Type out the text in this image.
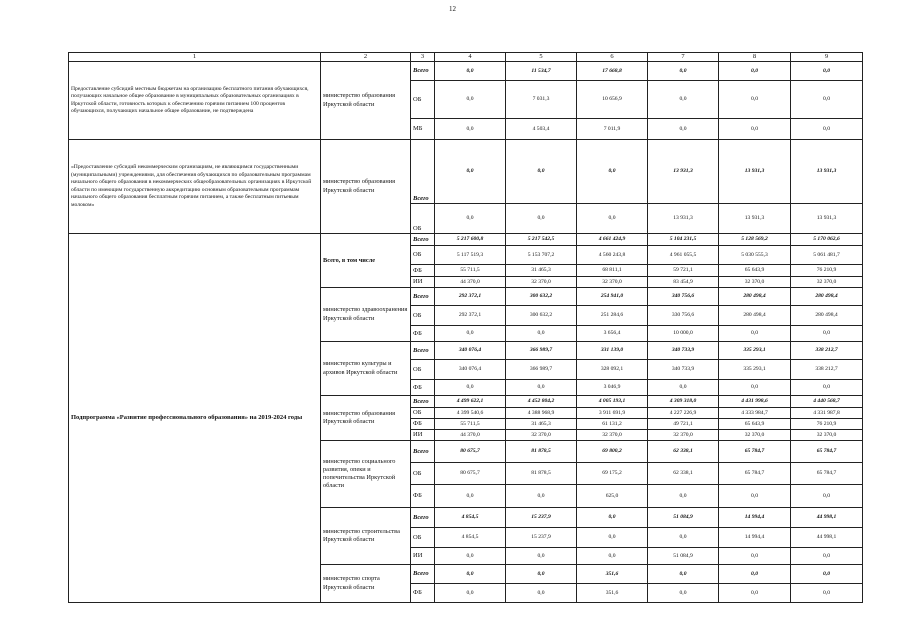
12
1	2	3	4	5	6	7	8	9
Предоставление субсидий местным бюджетам на организацию бесплатного питания обучающихся, получающих начальное общее образование в муниципальных образовательных организациях в Иркутской области, готовность которых к обеспечению горячим питанием 100 процентов обучающихся, получающих начальное общее образование, не подтверждена	министерство образования Иркутской области	Всего	0,0	11 534,7	17 668,8	0,0	0,0	0,0
		ОБ	0,0	7 031,3	10 656,9	0,0	0,0	0,0
		МБ	0,0	4 503,4	7 011,9	0,0	0,0	0,0
«Предоставление субсидий некоммерческим организациям, не являющимся государственными (муниципальными) учреждениями, для обеспечения обучающихся по образовательным программам начального общего образования в некоммерческих общеобразовательных организациях в Иркутской области по имеющим государственную аккредитацию основным образовательным программам начального общего образования бесплатным горячим питанием, а также бесплатным питьевым молоком»	министерство образования Иркутской области	Всего	0,0	0,0	0,0	13 931,3	13 931,3	13 931,3
		ОБ	0,0	0,0	0,0	13 931,3	13 931,3	13 931,3
Подпрограмма «Развитие профессионального образования» на 2019-2024 годы	Всего, в том числе	Всего	5 217 600,8	5 217 542,5	4 661 424,9	5 104 231,5	5 128 569,2	5 170 062,6
		ОБ	5 117 519,3	5 153 707,2	4 560 243,8	4 961 055,5	5 030 555,3	5 061 481,7
		ФБ	55 711,5	31 465,3	68 811,1	59 721,1	65 643,9	76 210,9
		ИИ	44 370,0	32 370,0	32 370,0	83 454,9	32 370,0	32 370,0
	министерство здравоохранения Иркутской области	Всего	292 372,1	300 632,2	254 941,0	340 756,6	280 498,4	280 498,4
		ОБ	292 372,1	300 632,2	251 284,6	330 756,6	280 498,4	280 498,4
		ФБ	0,0	0,0	3 656,4	10 000,0	0,0	0,0
	министерство культуры и архивов Иркутской области	Всего	340 076,4	366 989,7	331 139,0	340 733,9	335 293,1	338 212,7
		ОБ	340 076,4	366 989,7	328 092,1	340 733,9	335 293,1	338 212,7
		ФБ	0,0	0,0	3 046,9	0,0	0,0	0,0
	министерство образования Иркутской области	Всего	4 499 622,1	4 452 804,2	4 005 193,1	4 309 318,0	4 431 998,6	4 440 568,7
		ОБ	4 399 540,6	4 388 968,9	3 911 691,9	4 227 226,9	4 333 984,7	4 331 987,8
		ФБ	55 711,5	31 465,3	61 131,2	49 721,1	65 643,9	76 210,9
		ИИ	44 370,0	32 370,0	32 370,0	32 370,0	32 370,0	32 370,0
	министерство социального развития, опеки и попечительства Иркутской области	Всего	80 675,7	81 878,5	69 800,2	62 338,1	65 784,7	65 784,7
		ОБ	80 675,7	81 878,5	69 175,2	62 338,1	65 784,7	65 784,7
		ФБ	0,0	0,0	625,0	0,0	0,0	0,0
	министерство строительства Иркутской области	Всего	4 854,5	15 237,9	0,0	51 084,9	14 994,4	44 998,1
		ОБ	4 854,5	15 237,9	0,0	0,0	14 994,4	44 998,1
		ИИ	0,0	0,0	0,0	51 084,9	0,0	0,0
	министерство спорта Иркутской области	Всего	0,0	0,0	351,6	0,0	0,0	0,0
		ФБ	0,0	0,0	351,6	0,0	0,0	0,0
